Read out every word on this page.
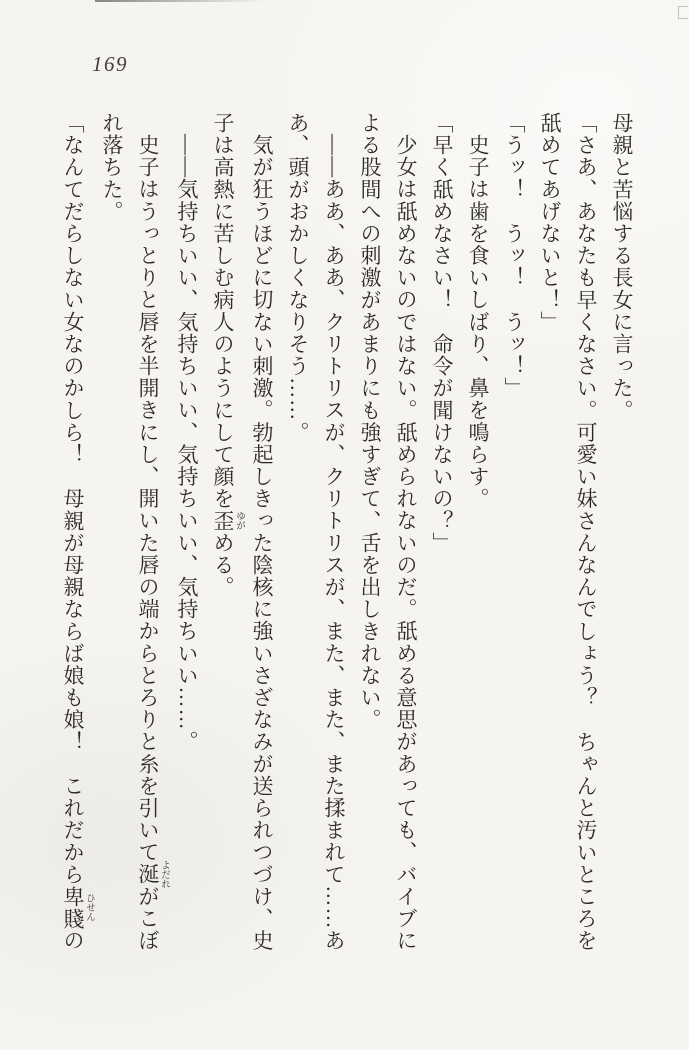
169
母親と苦悩する長女に言った。
「さあ、あなたも早くなさい。可愛い妹さんなんでしょう？　ちゃんと汚いところを
舐めてあげないと！」
「うッ！　うッ！　うッ！」
史子は歯を食いしばり、鼻を鳴らす。
「早く舐めなさい！　命令が聞けないの？」
少女は舐めないのではない。舐められないのだ。舐める意思があっても、バイブに
よる股間への刺激があまりにも強すぎて、舌を出しきれない。
――ああ、ああ、クリトリスが、クリトリスが、また、また、また揉まれて……あ
あ、頭がおかしくなりそう……。
気が狂うほどに切ない刺激。勃起しきった陰核に強いさざなみが送られつづけ、史
子は高熱に苦しむ病人のようにして顔を歪 ゆがめる。
――気持ちいい、気持ちいい、気持ちいい、気持ちいい……。
史子はうっとりと唇を半開きにし、開いた唇の端からとろりと糸を引いて涎 よだれがこぼ
れ落ちた。
「なんてだらしない女なのかしら！　母親が母親ならば娘も娘！　これだから卑賤 ひせんの
